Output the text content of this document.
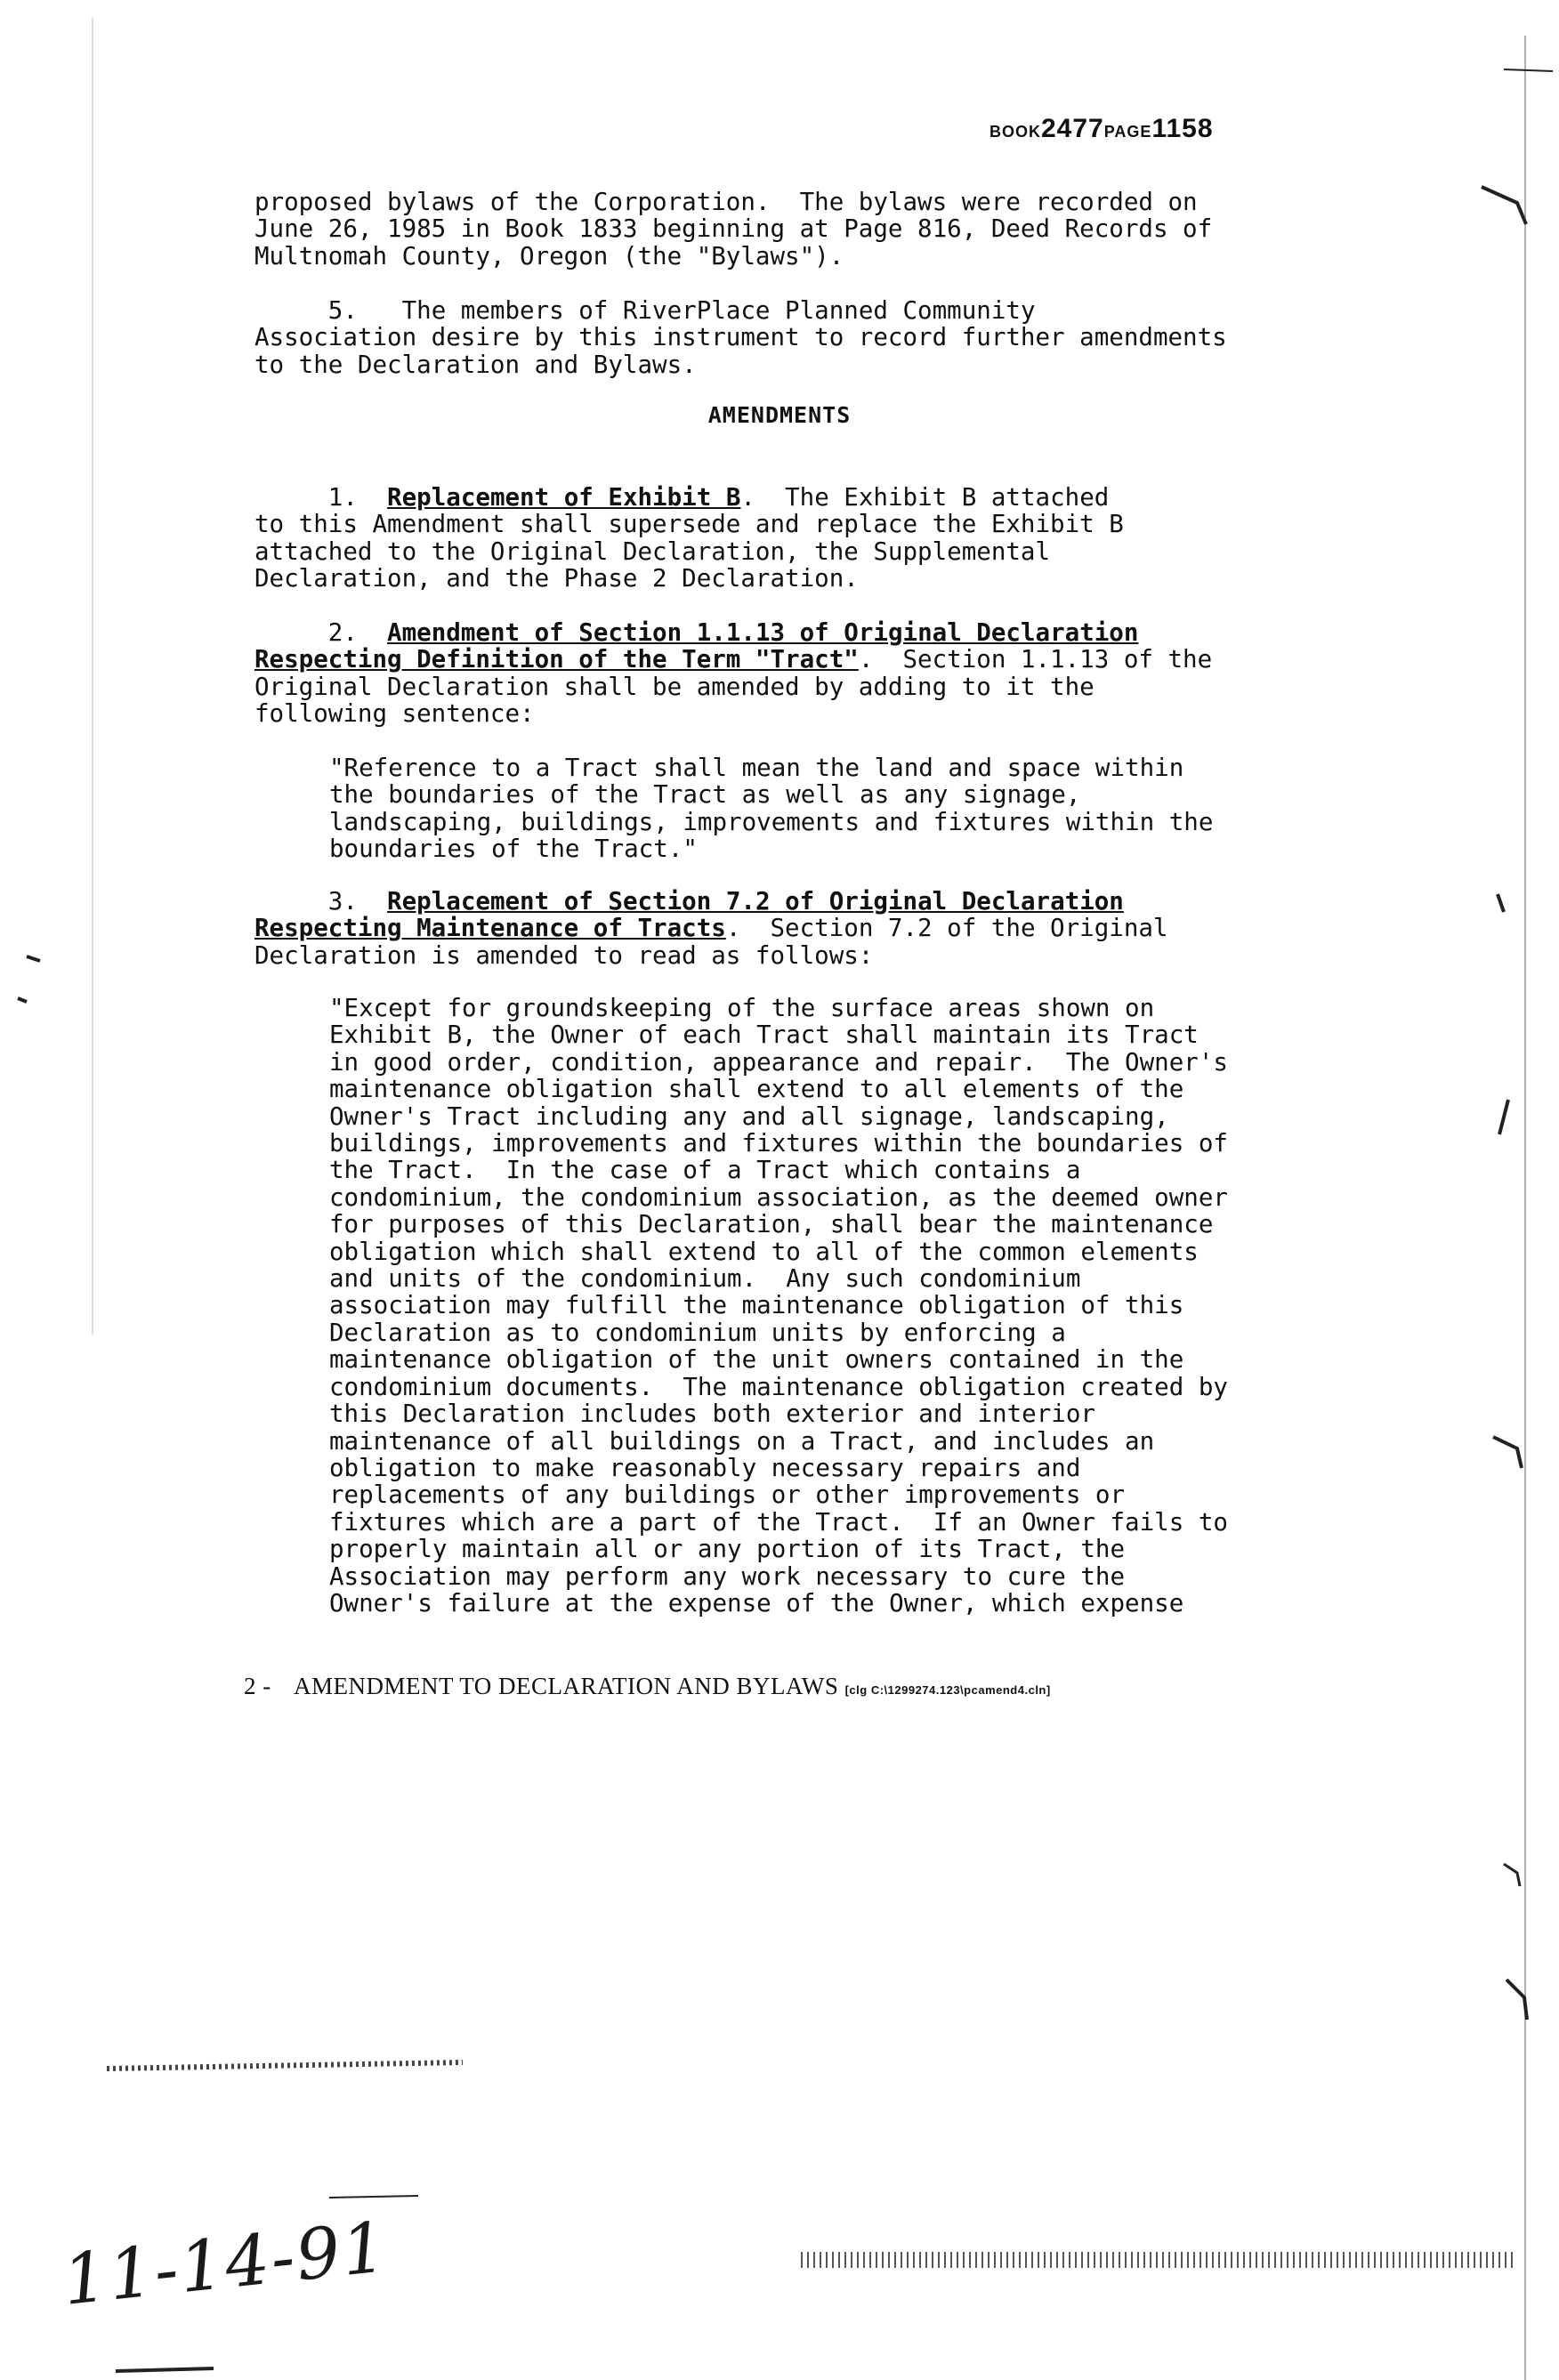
BOOK2477PAGE1158
proposed bylaws of the Corporation.  The bylaws were recorded on
June 26, 1985 in Book 1833 beginning at Page 816, Deed Records of
Multnomah County, Oregon (the "Bylaws").
5.   The members of RiverPlace Planned Community
Association desire by this instrument to record further amendments
to the Declaration and Bylaws.
AMENDMENTS
1. Replacement of Exhibit B.  The Exhibit B attached
to this Amendment shall supersede and replace the Exhibit B
attached to the Original Declaration, the Supplemental
Declaration, and the Phase 2 Declaration.
2. Amendment of Section 1.1.13 of Original Declaration
Respecting Definition of the Term "Tract".  Section 1.1.13 of the
Original Declaration shall be amended by adding to it the
following sentence:
"Reference to a Tract shall mean the land and space within
the boundaries of the Tract as well as any signage,
landscaping, buildings, improvements and fixtures within the
boundaries of the Tract."
3. Replacement of Section 7.2 of Original Declaration
Respecting Maintenance of Tracts.  Section 7.2 of the Original
Declaration is amended to read as follows:
"Except for groundskeeping of the surface areas shown on
Exhibit B, the Owner of each Tract shall maintain its Tract
in good order, condition, appearance and repair.  The Owner's
maintenance obligation shall extend to all elements of the
Owner's Tract including any and all signage, landscaping,
buildings, improvements and fixtures within the boundaries of
the Tract.  In the case of a Tract which contains a
condominium, the condominium association, as the deemed owner
for purposes of this Declaration, shall bear the maintenance
obligation which shall extend to all of the common elements
and units of the condominium.  Any such condominium
association may fulfill the maintenance obligation of this
Declaration as to condominium units by enforcing a
maintenance obligation of the unit owners contained in the
condominium documents.  The maintenance obligation created by
this Declaration includes both exterior and interior
maintenance of all buildings on a Tract, and includes an
obligation to make reasonably necessary repairs and
replacements of any buildings or other improvements or
fixtures which are a part of the Tract.  If an Owner fails to
properly maintain all or any portion of its Tract, the
Association may perform any work necessary to cure the
Owner's failure at the expense of the Owner, which expense
2 - AMENDMENT TO DECLARATION AND BYLAWS [clg C:\1299274.123\pcamend4.cln]
11-14-91
